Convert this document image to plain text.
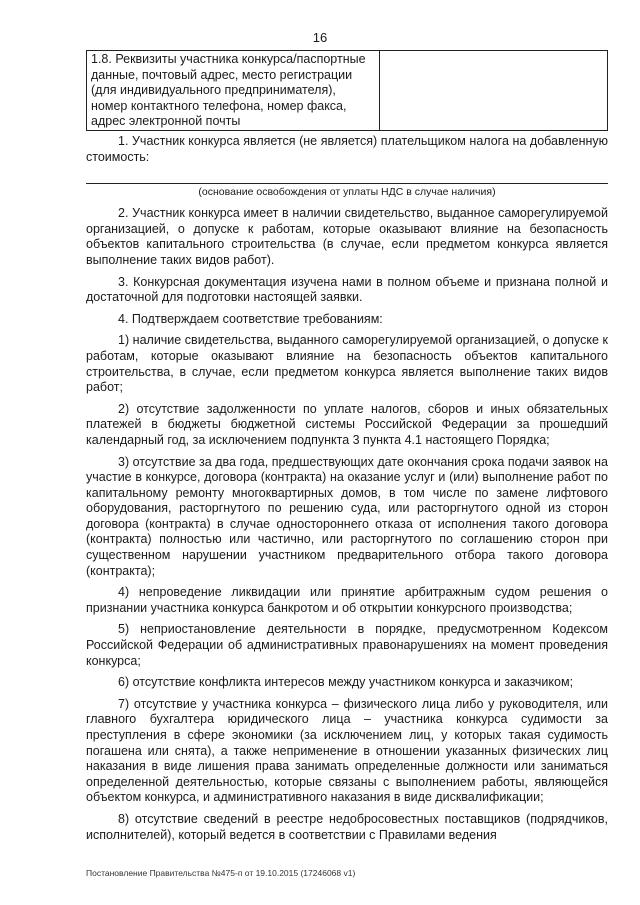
16
1.8. Реквизиты участника конкурса/паспортные данные, почтовый адрес, место регистрации (для индивидуального предпринимателя), номер контактного телефона, номер факса, адрес электронной почты	

1. Участник конкурса является (не является) плательщиком налога на добавленную стоимость:

(основание освобождения от уплаты НДС в случае наличия)

2. Участник конкурса имеет в наличии свидетельство, выданное саморегулируемой организацией, о допуске к работам, которые оказывают влияние на безопасность объектов капитального строительства (в случае, если предметом конкурса является выполнение таких видов работ).

3. Конкурсная документация изучена нами в полном объеме и признана полной и достаточной для подготовки настоящей заявки.

4. Подтверждаем соответствие требованиям:

1) наличие свидетельства, выданного саморегулируемой организацией, о допуске к работам, которые оказывают влияние на безопасность объектов капитального строительства, в случае, если предметом конкурса является выполнение таких видов работ;

2) отсутствие задолженности по уплате налогов, сборов и иных обязательных платежей в бюджеты бюджетной системы Российской Федерации за прошедший календарный год, за исключением подпункта 3 пункта 4.1 настоящего Порядка;

3) отсутствие за два года, предшествующих дате окончания срока подачи заявок на участие в конкурсе, договора (контракта) на оказание услуг и (или) выполнение работ по капитальному ремонту многоквартирных домов, в том числе по замене лифтового оборудования, расторгнутого по решению суда, или расторгнутого одной из сторон договора (контракта) в случае одностороннего отказа от исполнения такого договора (контракта) полностью или частично, или расторгнутого по соглашению сторон при существенном нарушении участником предварительного отбора такого договора (контракта);

4) непроведение ликвидации или принятие арбитражным судом решения о признании участника конкурса банкротом и об открытии конкурсного производства;

5) неприостановление деятельности в порядке, предусмотренном Кодексом Российской Федерации об административных правонарушениях на момент проведения конкурса;

6) отсутствие конфликта интересов между участником конкурса и заказчиком;

7) отсутствие у участника конкурса – физического лица либо у руководителя, или главного бухгалтера юридического лица – участника конкурса судимости за преступления в сфере экономики (за исключением лиц, у которых такая судимость погашена или снята), а также неприменение в отношении указанных физических лиц наказания в виде лишения права занимать определенные должности или заниматься определенной деятельностью, которые связаны с выполнением работы, являющейся объектом конкурса, и административного наказания в виде дисквалификации;

8) отсутствие сведений в реестре недобросовестных поставщиков (подрядчиков, исполнителей), который ведется в соответствии с Правилами ведения

Постановление Правительства №475-п от 19.10.2015 (17246068 v1)
